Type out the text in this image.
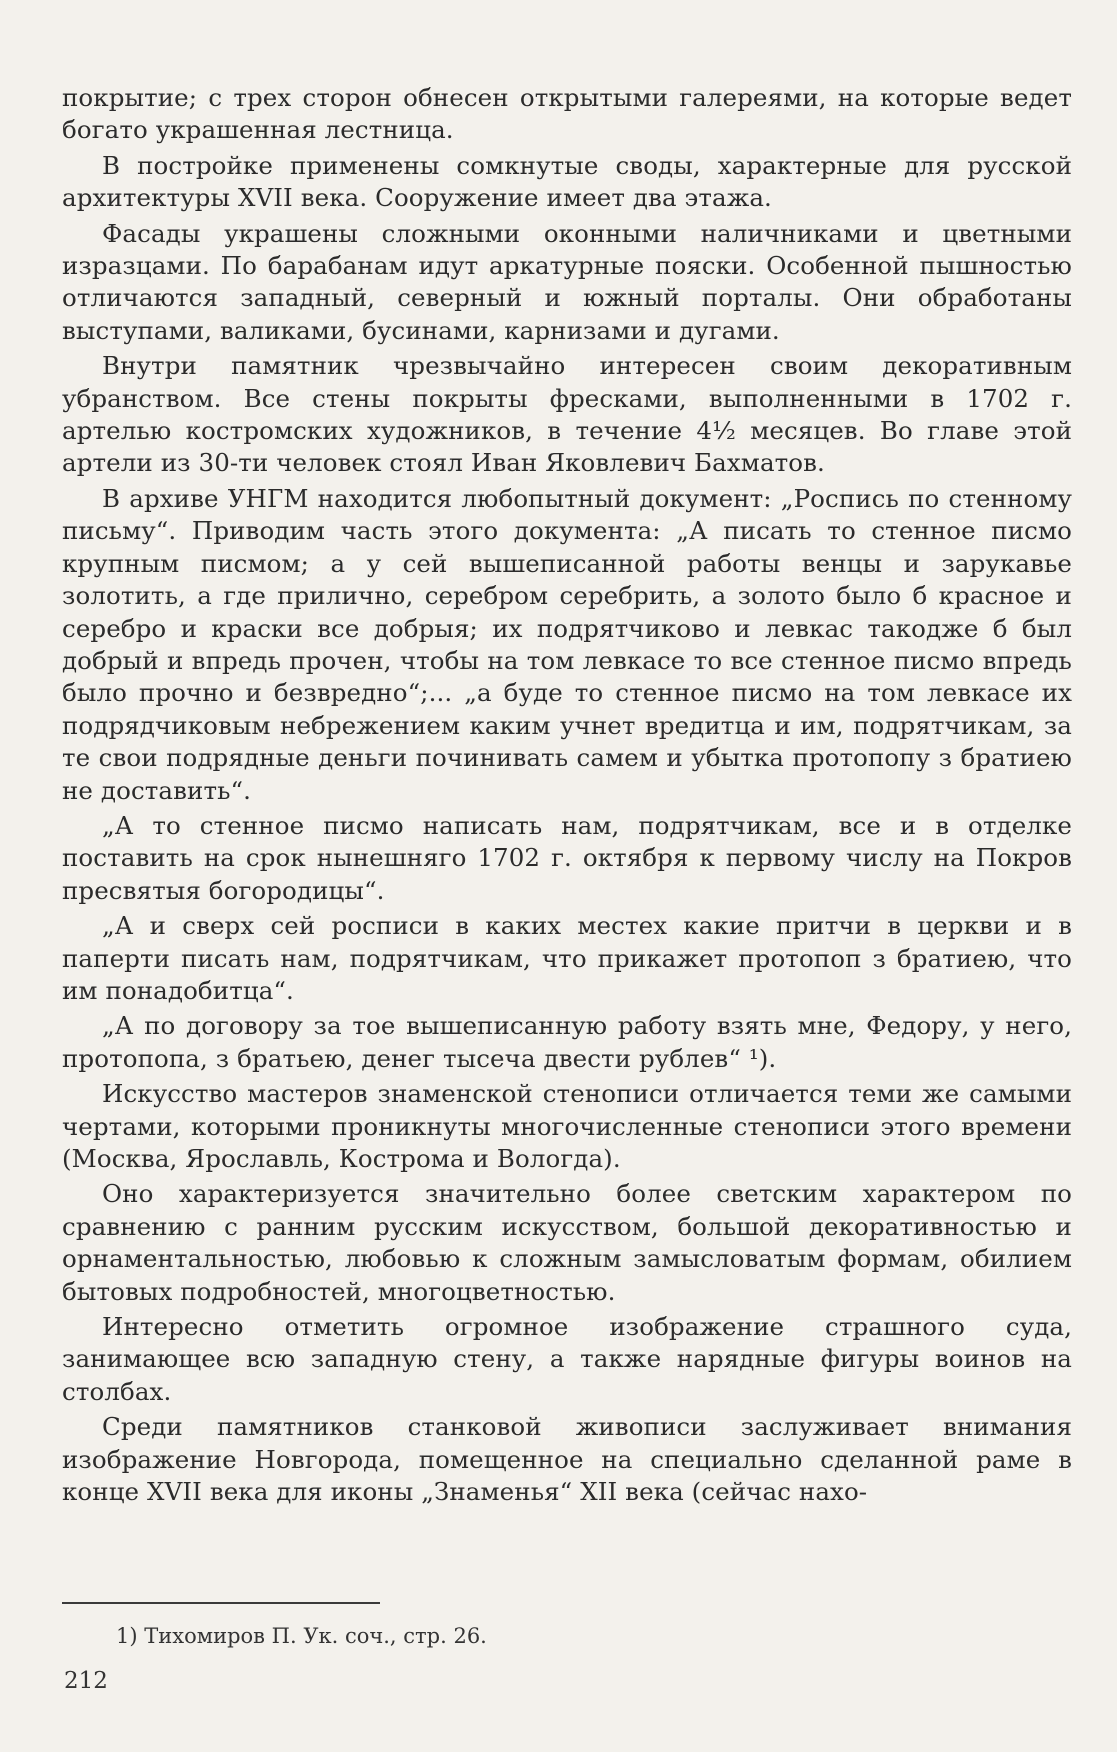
покрытие; с трех сторон обнесен открытыми галереями, на которые ведет богато украшенная лестница.

В постройке применены сомкнутые своды, характерные для русской архитектуры XVII века. Сооружение имеет два этажа.

Фасады украшены сложными оконными наличниками и цветными изразцами. По барабанам идут аркатурные пояски. Особенной пышностью отличаются западный, северный и южный порталы. Они обработаны выступами, валиками, бусинами, карнизами и дугами.

Внутри памятник чрезвычайно интересен своим декоративным убранством. Все стены покрыты фресками, выполненными в 1702 г. артелью костромских художников, в течение 4½ месяцев. Во главе этой артели из 30-ти человек стоял Иван Яковлевич Бахматов.

В архиве УНГМ находится любопытный документ: „Роспись по стенному письму“. Приводим часть этого документа: „А писать то стенное писмо крупным писмом; а у сей вышеписанной работы венцы и зарукавье золотить, а где прилично, серебром серебрить, а золото было б красное и серебро и краски все добрыя; их подрятчиково и левкас такодже б был добрый и впредь прочен, чтобы на том левкасе то все стенное писмо впредь было прочно и безвредно“;... „а буде то стенное писмо на том левкасе их подрядчиковым небрежением каким учнет вредитца и им, подрятчикам, за те свои подрядные деньги починивать самем и убытка протопопу з братиею не доставить“.

„А то стенное писмо написать нам, подрятчикам, все и в отделке поставить на срок нынешняго 1702 г. октября к первому числу на Покров пресвятыя богородицы“.

„А и сверх сей росписи в каких местех какие притчи в церкви и в паперти писать нам, подрятчикам, что прикажет протопоп з братиею, что им понадобитца“.

„А по договору за тое вышеписанную работу взять мне, Федору, у него, протопопа, з братьею, денег тысеча двести рублев“ ¹).

Искусство мастеров знаменской стенописи отличается теми же самыми чертами, которыми проникнуты многочисленные стенописи этого времени (Москва, Ярославль, Кострома и Вологда).

Оно характеризуется значительно более светским характером по сравнению с ранним русским искусством, большой декоративностью и орнаментальностью, любовью к сложным замысловатым формам, обилием бытовых подробностей, многоцветностью.

Интересно отметить огромное изображение страшного суда, занимающее всю западную стену, а также нарядные фигуры воинов на столбах.

Среди памятников станковой живописи заслуживает внимания изображение Новгорода, помещенное на специально сделанной раме в конце XVII века для иконы „Знаменья“ XII века (сейчас нахо-

1) Тихомиров П. Ук. соч., стр. 26.
212
